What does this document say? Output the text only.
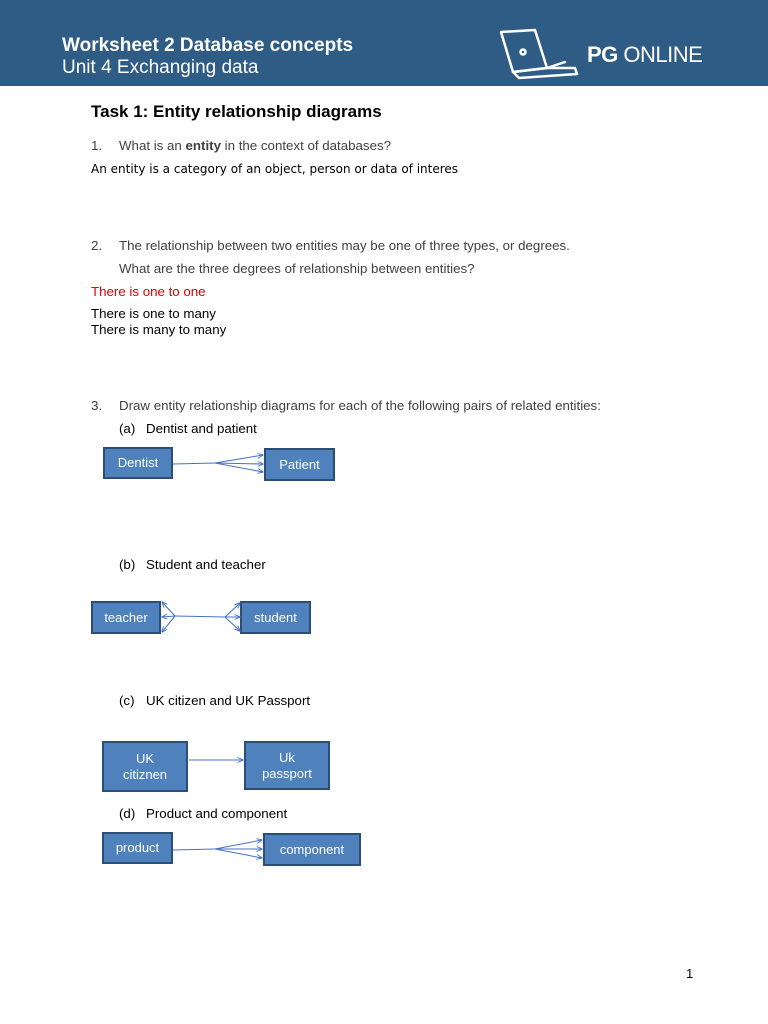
Worksheet 2 Database concepts
Unit 4 Exchanging data
PG ONLINE
Task 1: Entity relationship diagrams
1. What is an entity in the context of databases?
An entity is a category of an object, person or data of interes
2. The relationship between two entities may be one of three types, or degrees.
What are the three degrees of relationship between entities?
There is one to one
There is one to many
There is many to many
3. Draw entity relationship diagrams for each of the following pairs of related entities:
(a) Dentist and patient
Dentist	Patient
(b) Student and teacher
teacher	student
(c) UK citizen and UK Passport
UK
citiznen
Uk
passport
(d) Product and component
product	component
1
